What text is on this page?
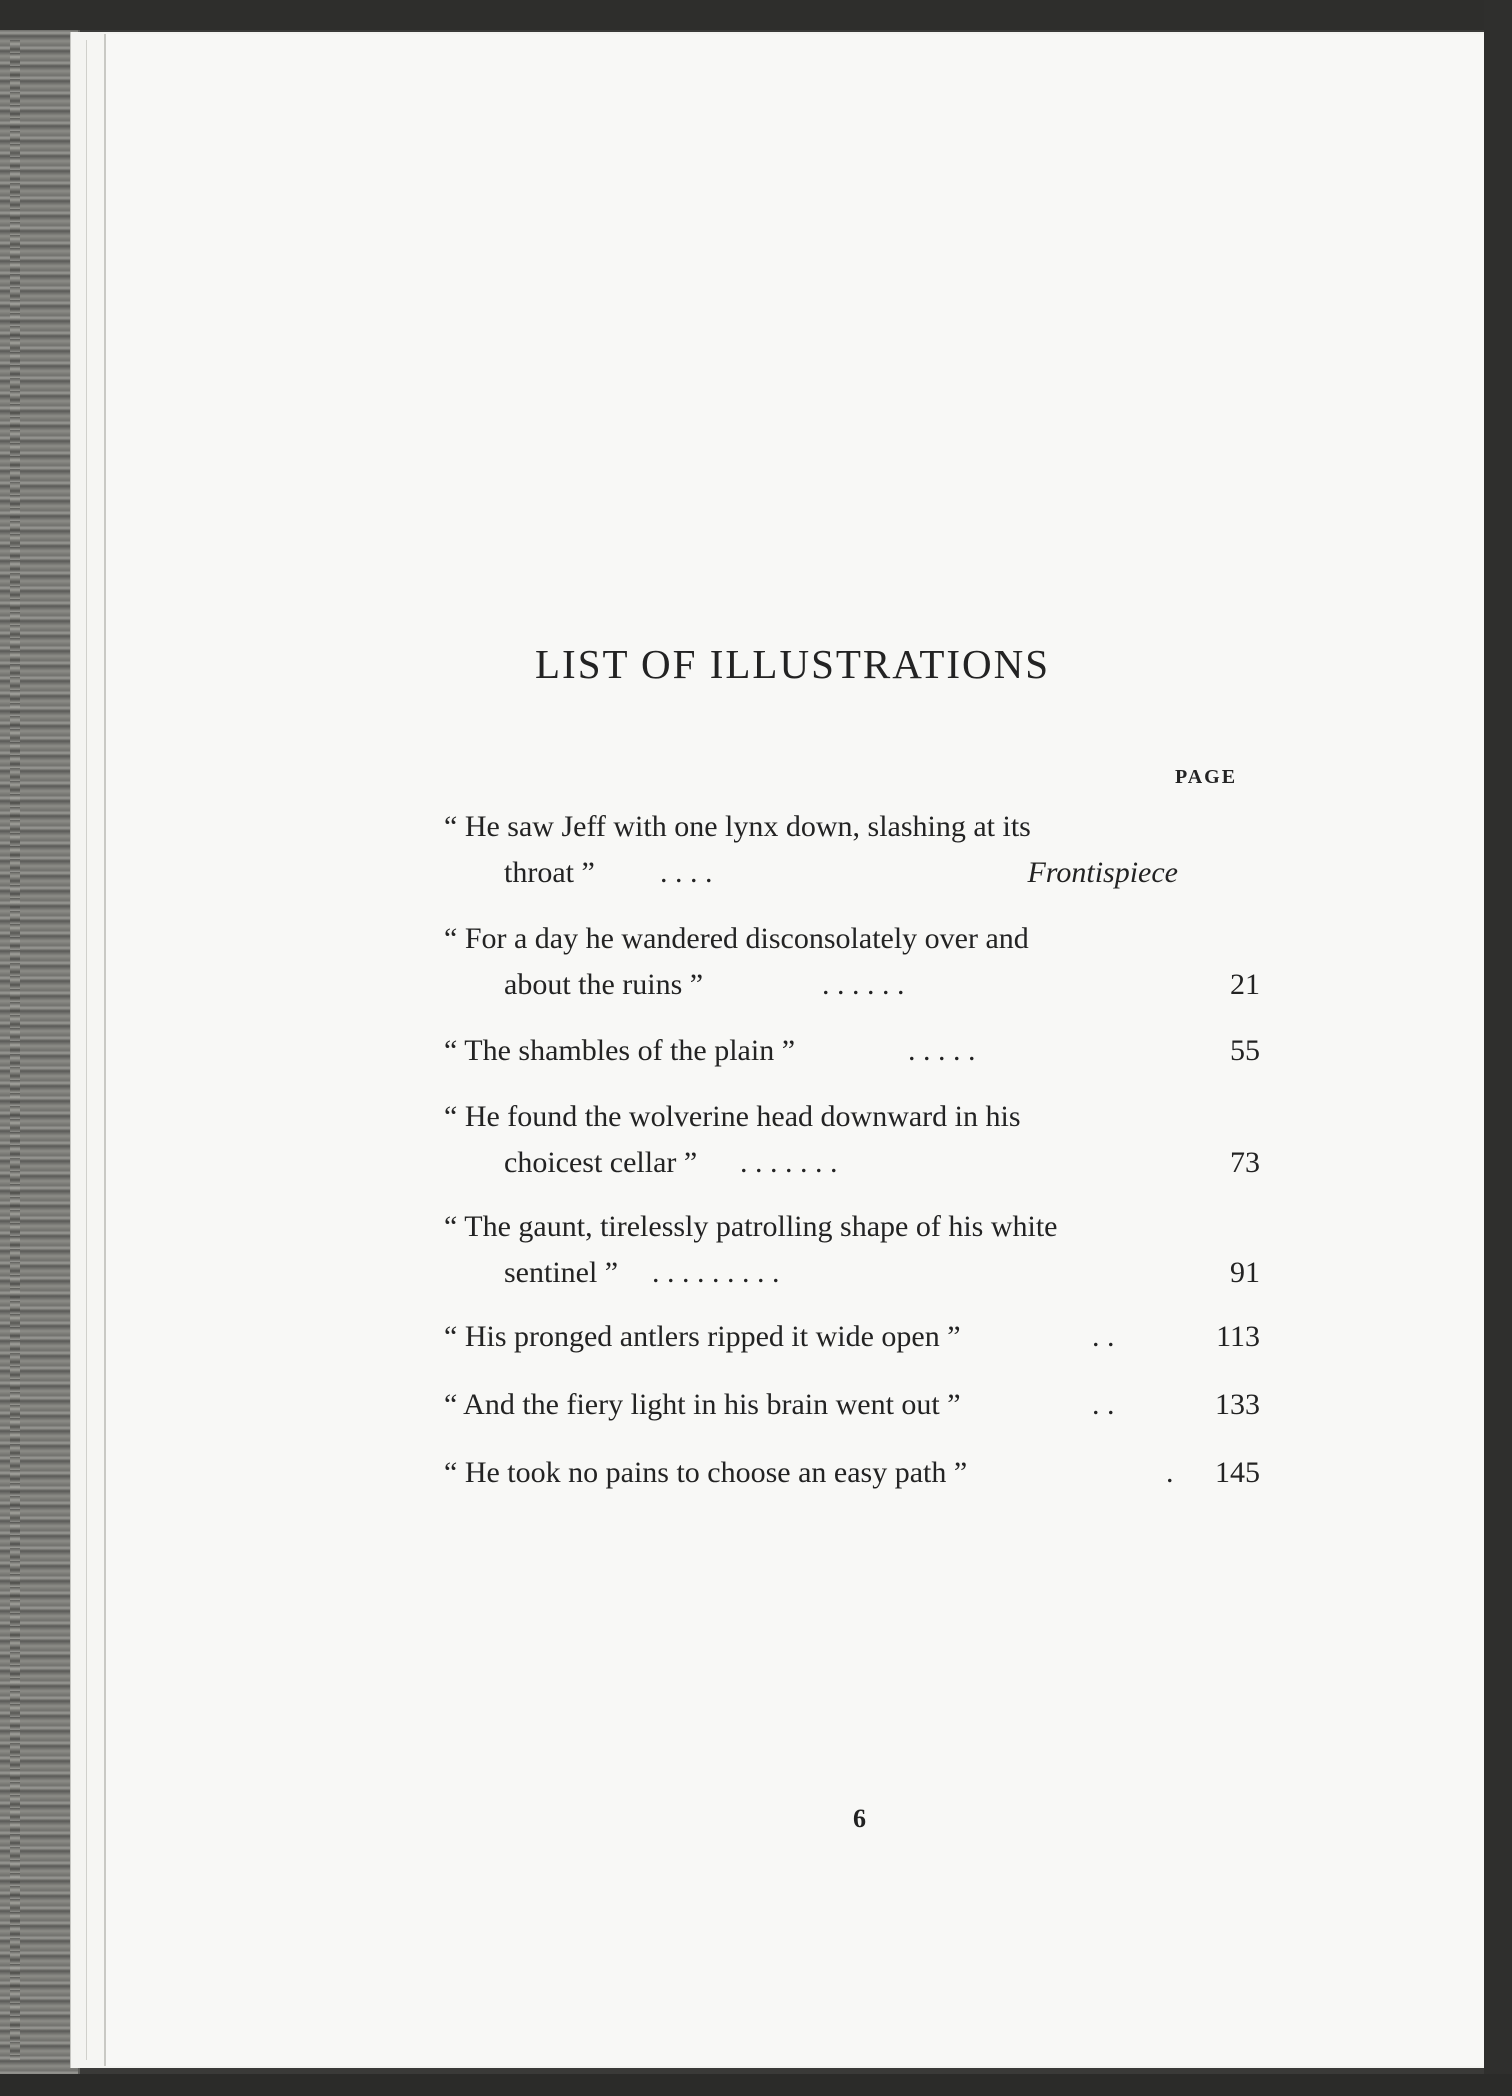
LIST OF ILLUSTRATIONS
PAGE
“ He saw Jeff with one lynx down, slashing at its
throat ” . . . .	Frontispiece
“ For a day he wandered disconsolately over and
about the ruins ”	. . . . . .	21
“ The shambles of the plain ”	. . . . .	55
“ He found the wolverine head downward in his
choicest cellar ” . . . . . . .	73
“ The gaunt, tirelessly patrolling shape of his white
sentinel ” . . . . . . . . .	91
“ His pronged antlers ripped it wide open ”	. .	113
“ And the fiery light in his brain went out ”	. .	133
“ He took no pains to choose an easy path ”	.	145
6
